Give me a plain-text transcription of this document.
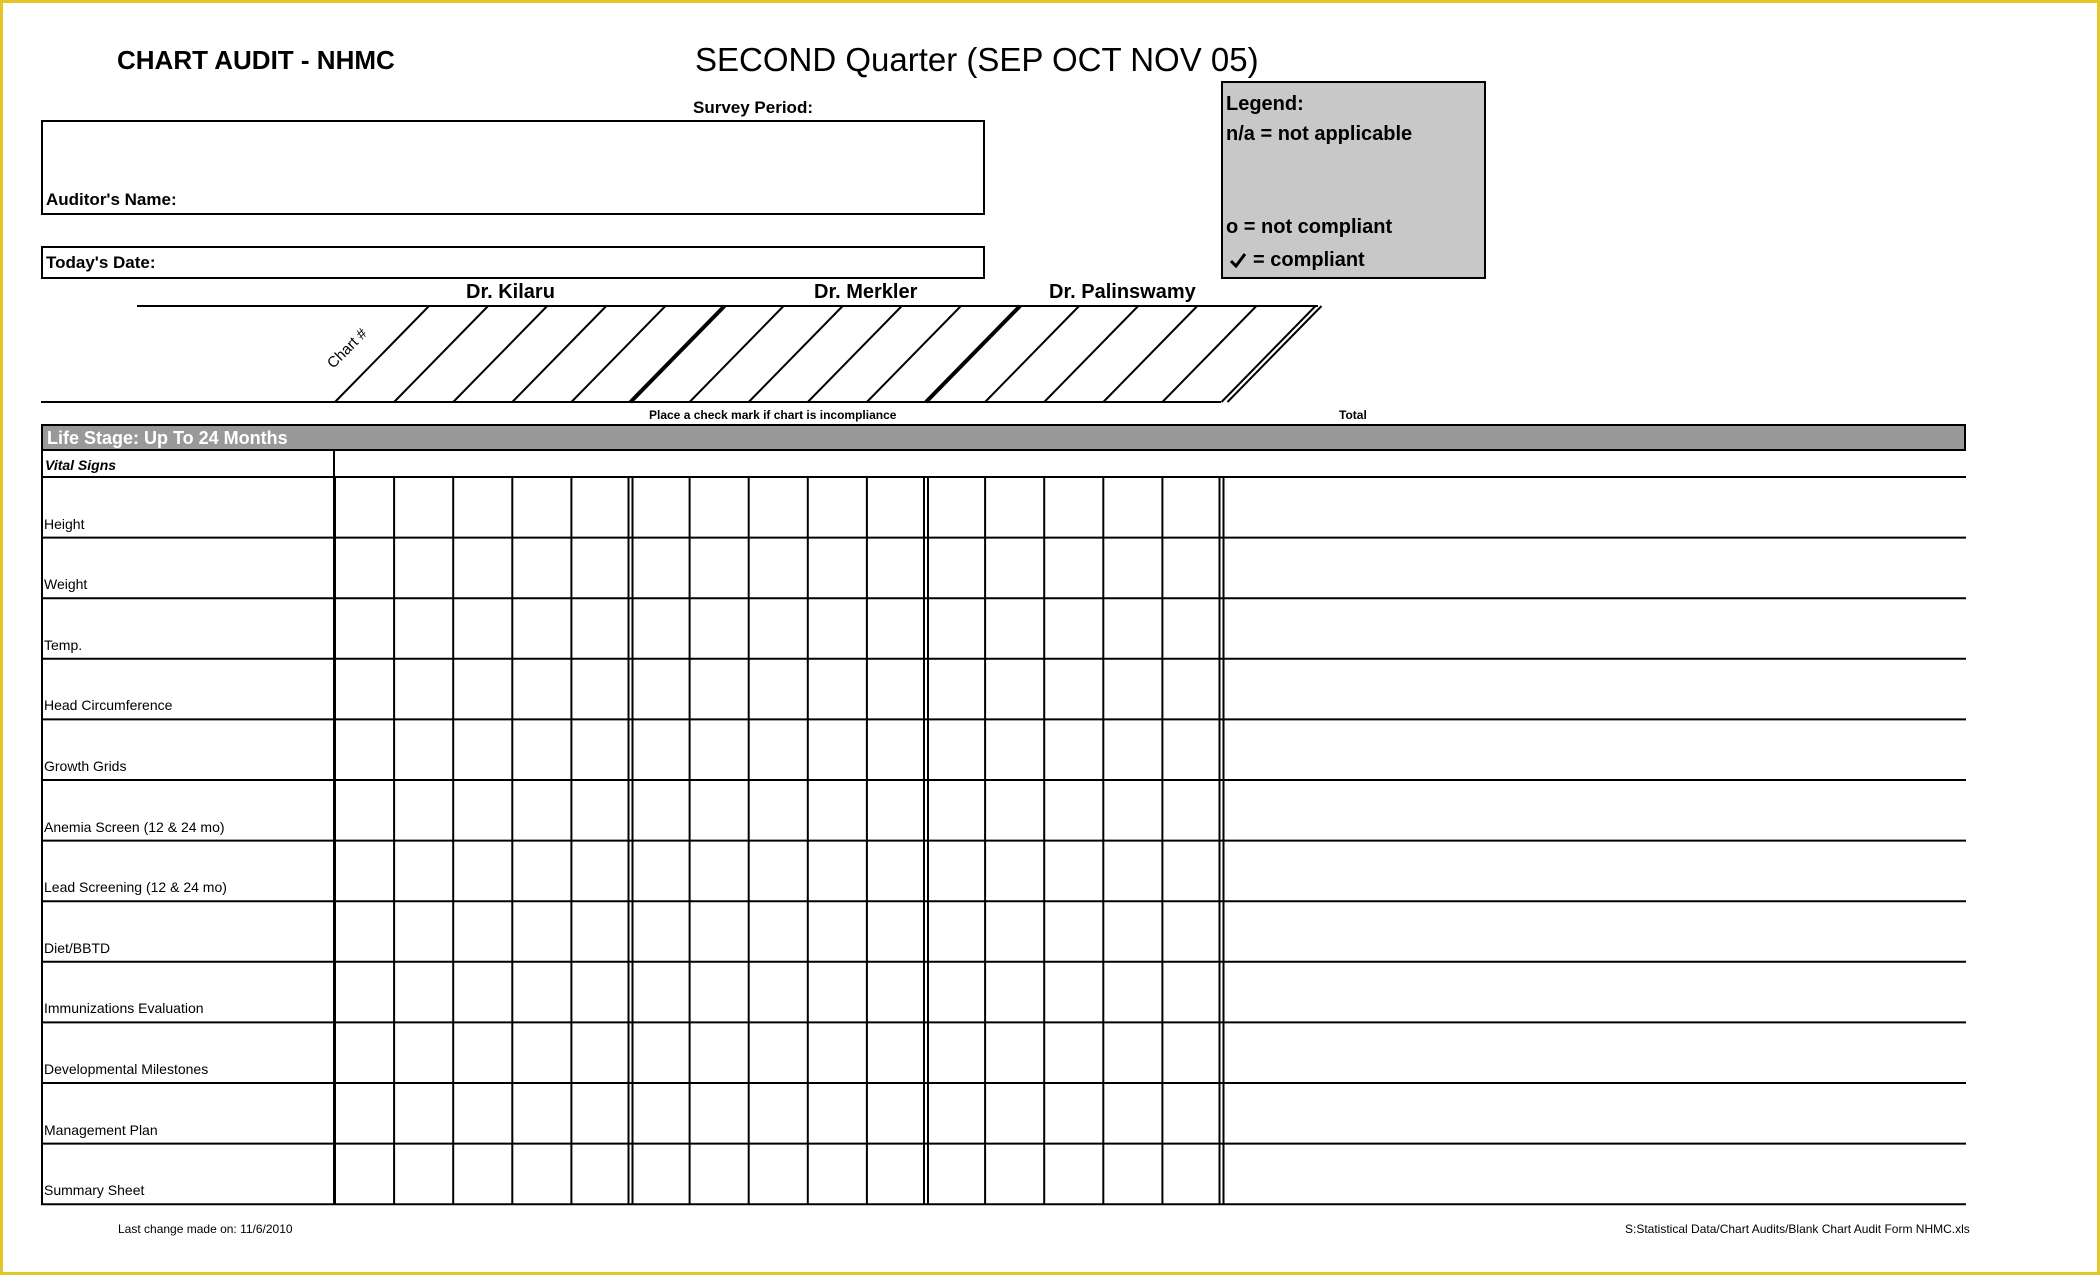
CHART AUDIT - NHMC	SECOND Quarter (SEP OCT NOV 05)
Survey Period:
Auditor's Name:
Today's Date:
Legend:
n/a = not applicable
o = not compliant
= compliant
Dr. Kilaru	Dr. Merkler	Dr. Palinswamy
Chart #
Place a check mark if chart is incompliance	Total
Life Stage: Up To 24 Months
Vital Signs
Height
Weight
Temp.
Head Circumference
Growth Grids
Anemia Screen (12 & 24 mo)
Lead Screening (12 & 24 mo)
Diet/BBTD
Immunizations Evaluation
Developmental Milestones
Management Plan
Summary Sheet
Last change made on: 11/6/2010	S:Statistical Data/Chart Audits/Blank Chart Audit Form NHMC.xls
